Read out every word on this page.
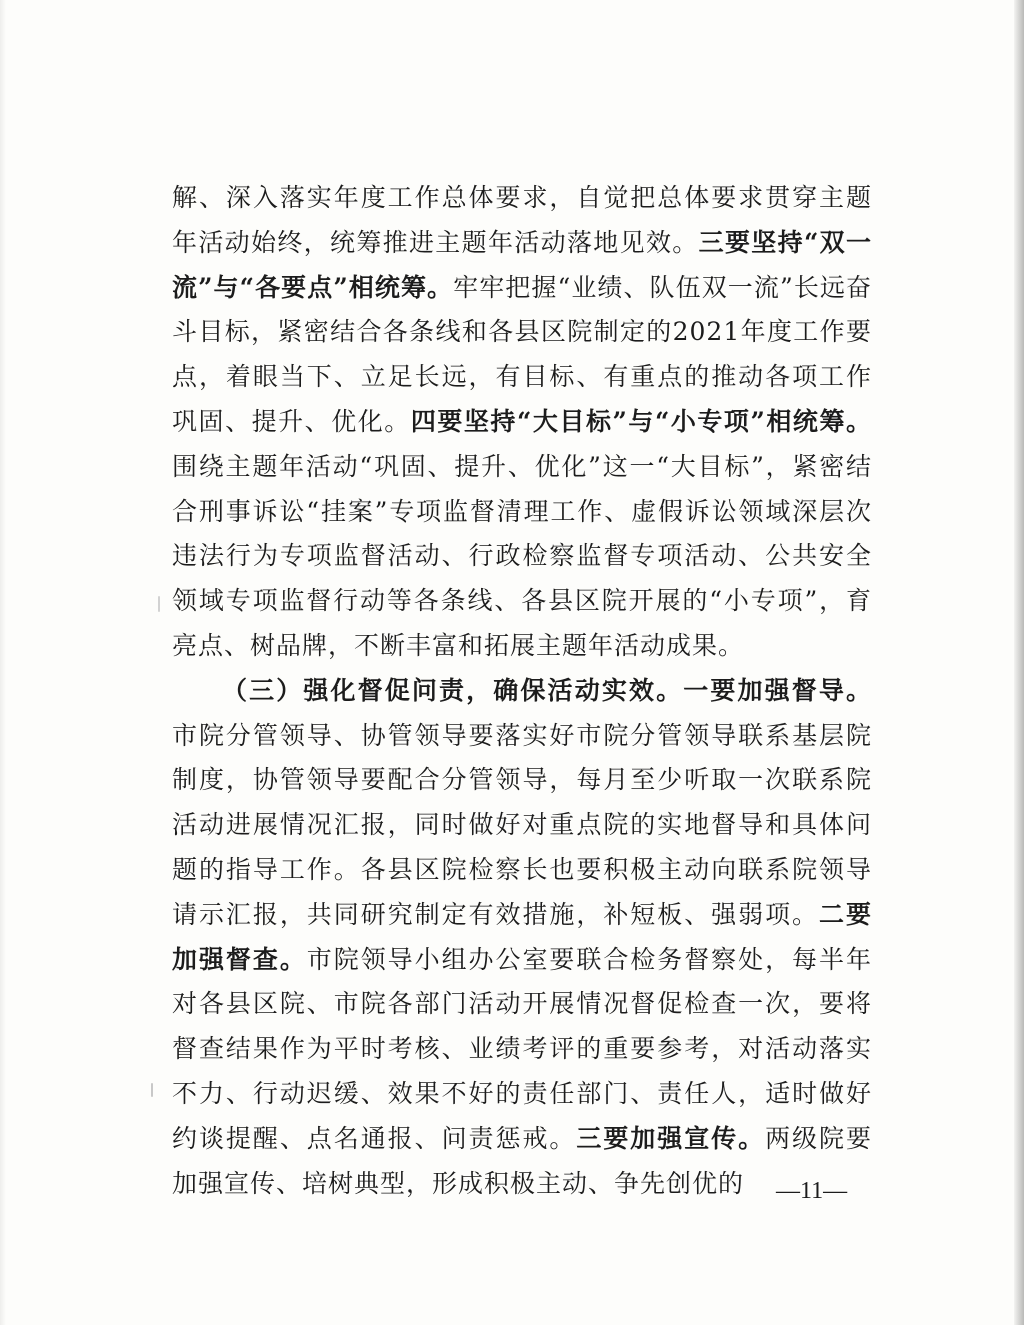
解、深入落实年度工作总体要求，自觉把总体要求贯穿主题年活动始终，统筹推进主题年活动落地见效。三要坚持“双一流”与“各要点”相统筹。牢牢把握“业绩、队伍双一流”长远奋斗目标，紧密结合各条线和各县区院制定的2021年度工作要点，着眼当下、立足长远，有目标、有重点的推动各项工作巩固、提升、优化。四要坚持“大目标”与“小专项”相统筹。围绕主题年活动“巩固、提升、优化”这一“大目标”，紧密结合刑事诉讼“挂案”专项监督清理工作、虚假诉讼领域深层次违法行为专项监督活动、行政检察监督专项活动、公共安全领域专项监督行动等各条线、各县区院开展的“小专项”，育亮点、树品牌，不断丰富和拓展主题年活动成果。

（三）强化督促问责，确保活动实效。一要加强督导。市院分管领导、协管领导要落实好市院分管领导联系基层院制度，协管领导要配合分管领导，每月至少听取一次联系院活动进展情况汇报，同时做好对重点院的实地督导和具体问题的指导工作。各县区院检察长也要积极主动向联系院领导请示汇报，共同研究制定有效措施，补短板、强弱项。二要加强督查。市院领导小组办公室要联合检务督察处，每半年对各县区院、市院各部门活动开展情况督促检查一次，要将督查结果作为平时考核、业绩考评的重要参考，对活动落实不力、行动迟缓、效果不好的责任部门、责任人，适时做好约谈提醒、点名通报、问责惩戒。三要加强宣传。两级院要加强宣传、培树典型，形成积极主动、争先创优的	—11—
